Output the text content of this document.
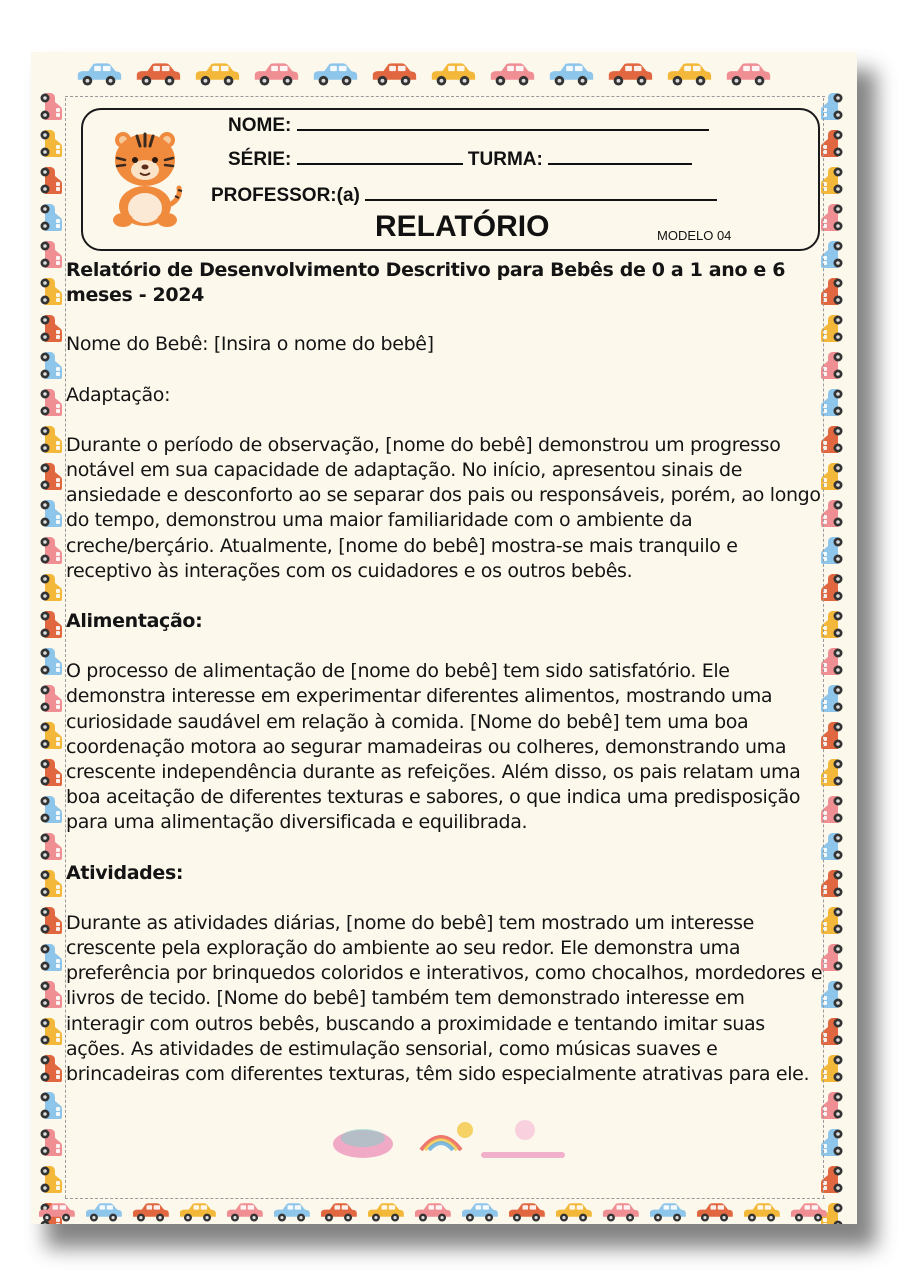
NOME:
SÉRIE:	TURMA:
PROFESSOR:(a)
RELATÓRIO	MODELO 04

Relatório de Desenvolvimento Descritivo para Bebês de 0 a 1 ano e 6 meses - 2024

Nome do Bebê: [Insira o nome do bebê]

Adaptação:

Durante o período de observação, [nome do bebê] demonstrou um progresso notável em sua capacidade de adaptação. No início, apresentou sinais de ansiedade e desconforto ao se separar dos pais ou responsáveis, porém, ao longo do tempo, demonstrou uma maior familiaridade com o ambiente da creche/berçário. Atualmente, [nome do bebê] mostra-se mais tranquilo e receptivo às interações com os cuidadores e os outros bebês.

Alimentação:

O processo de alimentação de [nome do bebê] tem sido satisfatório. Ele demonstra interesse em experimentar diferentes alimentos, mostrando uma curiosidade saudável em relação à comida. [Nome do bebê] tem uma boa coordenação motora ao segurar mamadeiras ou colheres, demonstrando uma crescente independência durante as refeições. Além disso, os pais relatam uma boa aceitação de diferentes texturas e sabores, o que indica uma predisposição para uma alimentação diversificada e equilibrada.

Atividades:

Durante as atividades diárias, [nome do bebê] tem mostrado um interesse crescente pela exploração do ambiente ao seu redor. Ele demonstra uma preferência por brinquedos coloridos e interativos, como chocalhos, mordedores e livros de tecido. [Nome do bebê] também tem demonstrado interesse em interagir com outros bebês, buscando a proximidade e tentando imitar suas ações. As atividades de estimulação sensorial, como músicas suaves e brincadeiras com diferentes texturas, têm sido especialmente atrativas para ele.
